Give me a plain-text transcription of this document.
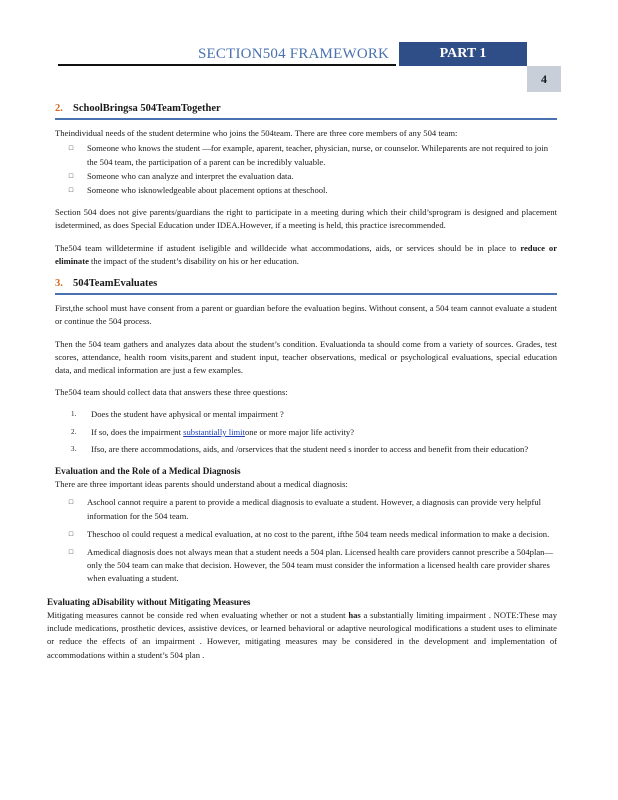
SECTION504 FRAMEWORK	PART 1
4
2. SchoolBringsa 504TeamTogether

Theindividual needs of the student determine who joins the 504team. There are three core members of any 504 team:

□	Someone who knows the student —for example, aparent, teacher, physician, nurse, or counselor. Whileparents are not required to join the 504 team, the participation of a parent can be incredibly valuable.
□	Someone who can analyze and interpret the evaluation data.
□	Someone who isknowledgeable about placement options at theschool.

Section 504 does not give parents/guardians the right to participate in a meeting during which their child’sprogram is designed and placement isdetermined, as does Special Education under IDEA.However, if a meeting is held, this practice isrecommended.

The504 team willdetermine if astudent iseligible and willdecide what accommodations, aids, or services should be in place to reduce or eliminate the impact of the student’s disability on his or her education.

3. 504TeamEvaluates

First,the school must have consent from a parent or guardian before the evaluation begins. Without consent, a 504 team cannot evaluate a student or continue the 504 process.

Then the 504 team gathers and analyzes data about the student’s condition. Evaluationda ta should come from a variety of sources. Grades, test scores, attendance, health room visits,parent and student input, teacher observations, medical or psychological evaluations, special education data, and medical information are just a few examples.

The504 team should collect data that answers these three questions:

1.	Does the student have aphysical or mental impairment ?
2.	If so, does the impairment substantially limitone or more major life activity?
3.	Ifso, are there accommodations, aids, and /orservices that the student need s inorder to access and benefit from their education?
Evaluation and the Role of a Medical Diagnosis

There are three important ideas parents should understand about a medical diagnosis:

□	Aschool cannot require a parent to provide a medical diagnosis to evaluate a student. However, a diagnosis can provide very helpful information for the 504 team.
□	Theschoo ol could request a medical evaluation, at no cost to the parent, ifthe 504 team needs medical information to make a decision.
□	Amedical diagnosis does not always mean that a student needs a 504 plan. Licensed health care providers cannot prescribe a 504plan— only the 504 team can make that decision. However, the 504 team must consider the information a licensed health care provider shares when evaluating a student.
Evaluating aDisability without Mitigating Measures

Mitigating measures cannot be conside red when evaluating whether or not a student has a substantially limiting impairment . NOTE:These may include medications, prosthetic devices, assistive devices, or learned behavioral or adaptive neurological modifications a student uses to eliminate or reduce the effects of an impairment . However, mitigating measures may be considered in the development and implementation of accommodations within a student’s 504 plan .
